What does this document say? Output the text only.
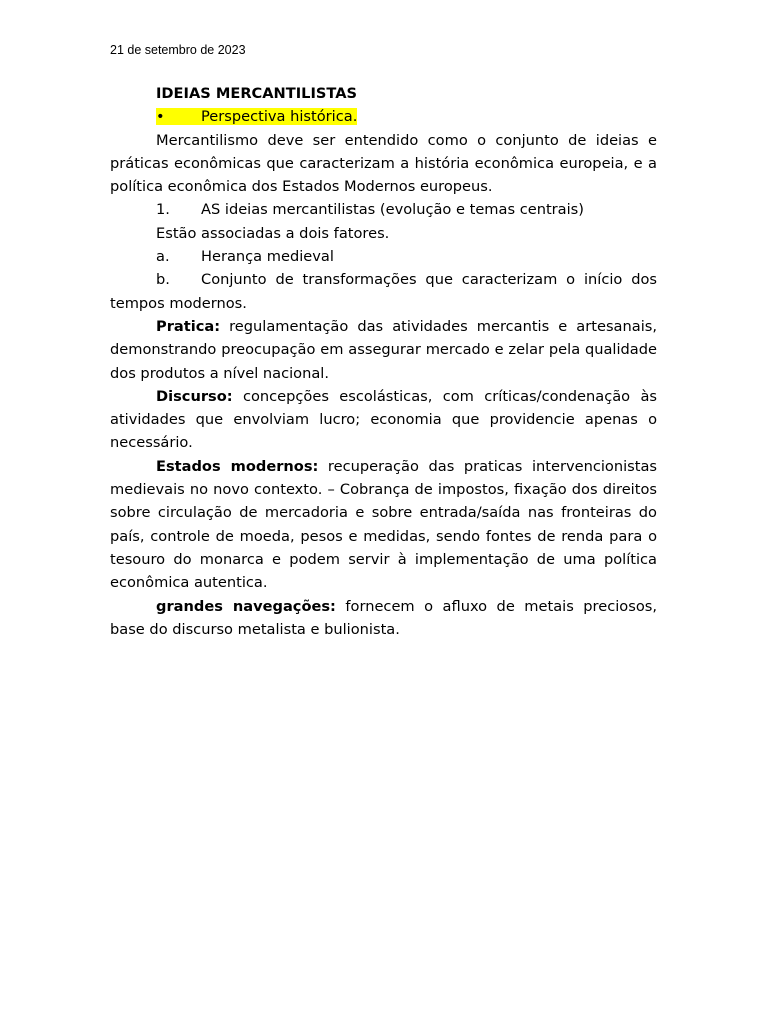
21 de setembro de 2023

IDEIAS MERCANTILISTAS

• Perspectiva histórica.

Mercantilismo deve ser entendido como o conjunto de ideias e práticas econômicas que caracterizam a história econômica europeia, e a política econômica dos Estados Modernos europeus.

1. AS ideias mercantilistas (evolução e temas centrais)

Estão associadas a dois fatores.

a. Herança medieval

b. Conjunto de transformações que caracterizam o início dos

tempos modernos.

Pratica: regulamentação das atividades mercantis e artesanais, demonstrando preocupação em assegurar mercado e zelar pela qualidade dos produtos a nível nacional.

Discurso: concepções escolásticas, com críticas/condenação às atividades que envolviam lucro; economia que providencie apenas o necessário.

Estados modernos: recuperação das praticas intervencionistas medievais no novo contexto. – Cobrança de impostos, fixação dos direitos sobre circulação de mercadoria e sobre entrada/saída nas fronteiras do país, controle de moeda, pesos e medidas, sendo fontes de renda para o tesouro do monarca e podem servir à implementação de uma política econômica autentica.

grandes navegações: fornecem o afluxo de metais preciosos, base do discurso metalista e bulionista.
